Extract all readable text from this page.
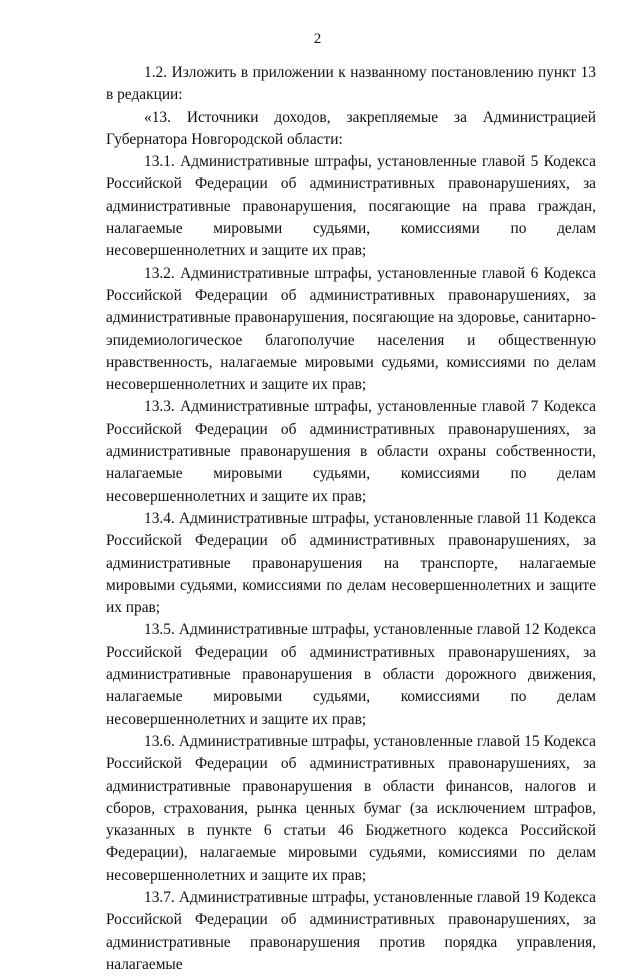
2

1.2. Изложить в приложении к названному постановлению пункт 13 в редакции:

«13. Источники доходов, закрепляемые за Администрацией Губернатора Новгородской области:

13.1. Административные штрафы, установленные главой 5 Кодекса Российской Федерации об административных правонарушениях, за административные правонарушения, посягающие на права граждан, налагаемые мировыми судьями, комиссиями по делам несовершеннолетних и защите их прав;

13.2. Административные штрафы, установленные главой 6 Кодекса Российской Федерации об административных правонарушениях, за административные правонарушения, посягающие на здоровье, санитарно-эпидемиологическое благополучие населения и общественную нравственность, налагаемые мировыми судьями, комиссиями по делам несовершеннолетних и защите их прав;

13.3. Административные штрафы, установленные главой 7 Кодекса Российской Федерации об административных правонарушениях, за административные правонарушения в области охраны собственности, налагаемые мировыми судьями, комиссиями по делам несовершеннолетних и защите их прав;

13.4. Административные штрафы, установленные главой 11 Кодекса Российской Федерации об административных правонарушениях, за административные правонарушения на транспорте, налагаемые мировыми судьями, комиссиями по делам несовершеннолетних и защите их прав;

13.5. Административные штрафы, установленные главой 12 Кодекса Российской Федерации об административных правонарушениях, за административные правонарушения в области дорожного движения, налагаемые мировыми судьями, комиссиями по делам несовершеннолетних и защите их прав;

13.6. Административные штрафы, установленные главой 15 Кодекса Российской Федерации об административных правонарушениях, за административные правонарушения в области финансов, налогов и сборов, страхования, рынка ценных бумаг (за исключением штрафов, указанных в пункте 6 статьи 46 Бюджетного кодекса Российской Федерации), налагаемые мировыми судьями, комиссиями по делам несовершеннолетних и защите их прав;

13.7. Административные штрафы, установленные главой 19 Кодекса Российской Федерации об административных правонарушениях, за административные правонарушения против порядка управления, налагаемые
